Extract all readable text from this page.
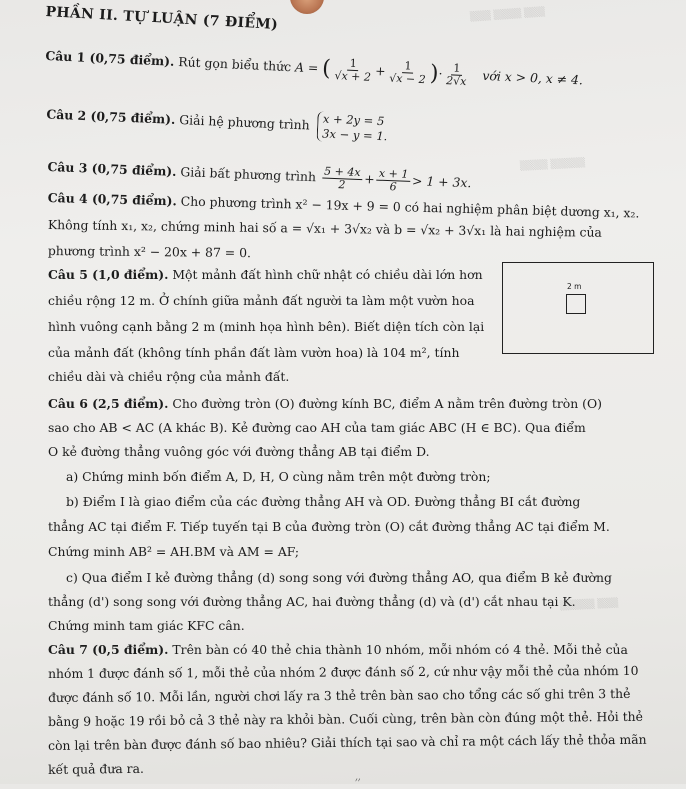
▒▒▒ ▒▒▒▒ ▒▒▒
▒▒▒▒ ▒▒▒▒▒
▒▒▒▒▒ ▒▒▒
PHẦN II. TỰ LUẬN (7 ĐIỂM)
Câu 1 (0,75 điểm). Rút gọn biểu thức A = ( $\frac{1}{√x + 2} + \frac{1}{√x - 2}$ )· $\frac{1}{2√x}$ với x > 0, x ≠ 4.
Câu 2 (0,75 điểm). Giải hệ phương trình x + 2y = 5
3x − y = 1.
Câu 3 (0,75 điểm). Giải bất phương trình $\frac{5 + 4x}{2} + \frac{x + 1}{6} > 1 + 3x$.
Câu 4 (0,75 điểm). Cho phương trình x² − 19x + 9 = 0 có hai nghiệm phân biệt dương x₁, x₂.
Không tính x₁, x₂, chứng minh hai số a = √x₁ + 3√x₂ và b = √x₂ + 3√x₁ là hai nghiệm của
phương trình x² − 20x + 87 = 0.
Câu 5 (1,0 điểm). Một mảnh đất hình chữ nhật có chiều dài lớn hơn
chiều rộng 12 m. Ở chính giữa mảnh đất người ta làm một vườn hoa
hình vuông cạnh bằng 2 m (minh họa hình bên). Biết diện tích còn lại
của mảnh đất (không tính phần đất làm vườn hoa) là 104 m², tính
chiều dài và chiều rộng của mảnh đất.
2 m
Câu 6 (2,5 điểm). Cho đường tròn (O) đường kính BC, điểm A nằm trên đường tròn (O)
sao cho AB < AC (A khác B). Kẻ đường cao AH của tam giác ABC (H ∈ BC). Qua điểm
O kẻ đường thẳng vuông góc với đường thẳng AB tại điểm D.
a) Chứng minh bốn điểm A, D, H, O cùng nằm trên một đường tròn;
b) Điểm I là giao điểm của các đường thẳng AH và OD. Đường thẳng BI cắt đường
thẳng AC tại điểm F. Tiếp tuyến tại B của đường tròn (O) cắt đường thẳng AC tại điểm M.
Chứng minh AB² = AH.BM và AM = AF;
c) Qua điểm I kẻ đường thẳng (d) song song với đường thẳng AO, qua điểm B kẻ đường
thẳng (d') song song với đường thẳng AC, hai đường thẳng (d) và (d') cắt nhau tại K.
Chứng minh tam giác KFC cân.
Câu 7 (0,5 điểm). Trên bàn có 40 thẻ chia thành 10 nhóm, mỗi nhóm có 4 thẻ. Mỗi thẻ của
nhóm 1 được đánh số 1, mỗi thẻ của nhóm 2 được đánh số 2, cứ như vậy mỗi thẻ của nhóm 10
được đánh số 10. Mỗi lần, người chơi lấy ra 3 thẻ trên bàn sao cho tổng các số ghi trên 3 thẻ
bằng 9 hoặc 19 rồi bỏ cả 3 thẻ này ra khỏi bàn. Cuối cùng, trên bàn còn đúng một thẻ. Hỏi thẻ
còn lại trên bàn được đánh số bao nhiêu? Giải thích tại sao và chỉ ra một cách lấy thẻ thỏa mãn
kết quả đưa ra.
׳׳
